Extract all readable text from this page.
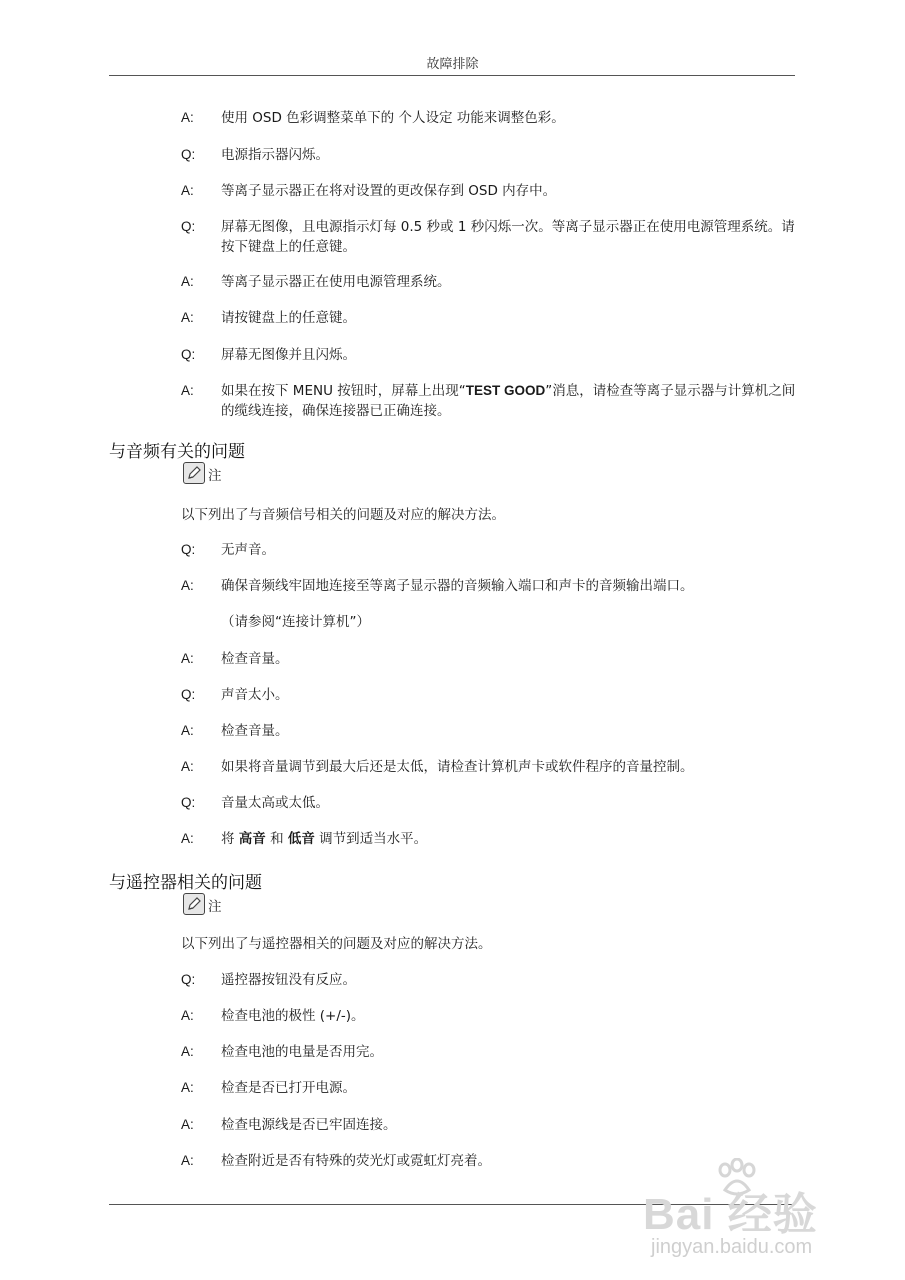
故障排除
A: 使用 OSD 色彩调整菜单下的 个人设定 功能来调整色彩。
Q: 电源指示器闪烁。
A: 等离子显示器正在将对设置的更改保存到 OSD 内存中。
Q: 屏幕无图像，且电源指示灯每 0.5 秒或 1 秒闪烁一次。等离子显示器正在使用电源管理系统。请按下键盘上的任意键。
A: 等离子显示器正在使用电源管理系统。
A: 请按键盘上的任意键。
Q: 屏幕无图像并且闪烁。
A: 如果在按下 MENU 按钮时，屏幕上出现“TEST GOOD”消息，请检查等离子显示器与计算机之间的缆线连接，确保连接器已正确连接。
与音频有关的问题
注
以下列出了与音频信号相关的问题及对应的解决方法。
Q: 无声音。
A: 确保音频线牢固地连接至等离子显示器的音频输入端口和声卡的音频输出端口。
（请参阅“连接计算机”）
A: 检查音量。
Q: 声音太小。
A: 检查音量。
A: 如果将音量调节到最大后还是太低，请检查计算机声卡或软件程序的音量控制。
Q: 音量太高或太低。
A: 将 高音 和 低音 调节到适当水平。
与遥控器相关的问题
注
以下列出了与遥控器相关的问题及对应的解决方法。
Q: 遥控器按钮没有反应。
A: 检查电池的极性 (+/-)。
A: 检查电池的电量是否用完。
A: 检查是否已打开电源。
A: 检查电源线是否已牢固连接。
A: 检查附近是否有特殊的荧光灯或霓虹灯亮着。
Bai 经验
jingyan.baidu.com
